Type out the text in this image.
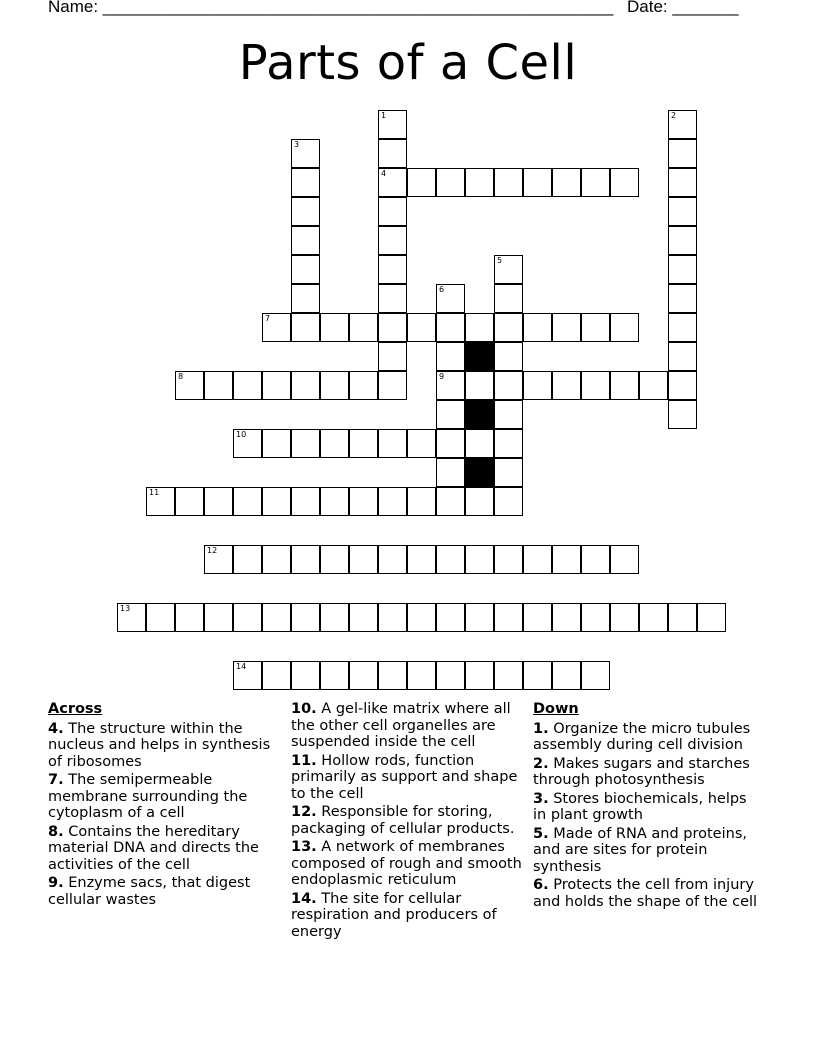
Name: ______________________________________________________ Date: _______
Parts of a Cell
1	2
3
4
5
6
7
8	9
10
11
12
13
14
Across
4. The structure within the nucleus and helps in synthesis of ribosomes
7. The semipermeable membrane surrounding the cytoplasm of a cell
8. Contains the hereditary material DNA and directs the activities of the cell
9. Enzyme sacs, that digest cellular wastes
10. A gel-like matrix where all the other cell organelles are suspended inside the cell
11. Hollow rods, function primarily as support and shape to the cell
12. Responsible for storing, packaging of cellular products.
13. A network of membranes composed of rough and smooth endoplasmic reticulum
14. The site for cellular respiration and producers of energy
Down
1. Organize the micro tubules assembly during cell division
2. Makes sugars and starches through photosynthesis
3. Stores biochemicals, helps in plant growth
5. Made of RNA and proteins, and are sites for protein synthesis
6. Protects the cell from injury and holds the shape of the cell
